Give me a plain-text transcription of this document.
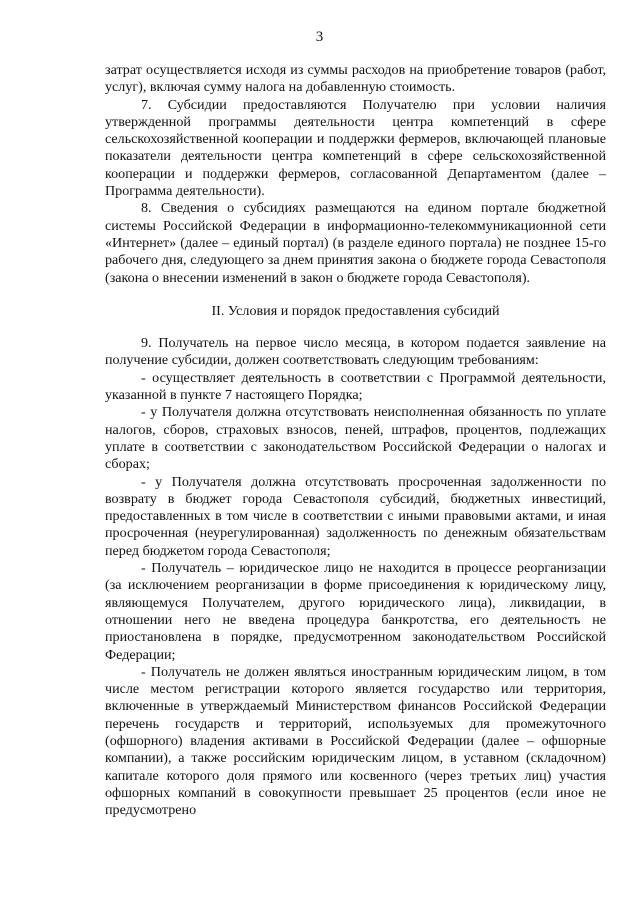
3

затрат осуществляется исходя из суммы расходов на приобретение товаров (работ, услуг), включая сумму налога на добавленную стоимость.

7. Субсидии предоставляются Получателю при условии наличия утвержденной программы деятельности центра компетенций в сфере сельскохозяйственной кооперации и поддержки фермеров, включающей плановые показатели деятельности центра компетенций в сфере сельскохозяйственной кооперации и поддержки фермеров, согласованной Департаментом (далее – Программа деятельности).

8. Сведения о субсидиях размещаются на едином портале бюджетной системы Российской Федерации в информационно-телекоммуникационной сети «Интернет» (далее – единый портал) (в разделе единого портала) не позднее 15-го рабочего дня, следующего за днем принятия закона о бюджете города Севастополя (закона о внесении изменений в закон о бюджете города Севастополя).

II. Условия и порядок предоставления субсидий

9. Получатель на первое число месяца, в котором подается заявление на получение субсидии, должен соответствовать следующим требованиям:

- осуществляет деятельность в соответствии с Программой деятельности, указанной в пункте 7 настоящего Порядка;

- у Получателя должна отсутствовать неисполненная обязанность по уплате налогов, сборов, страховых взносов, пеней, штрафов, процентов, подлежащих уплате в соответствии с законодательством Российской Федерации о налогах и сборах;

- у Получателя должна отсутствовать просроченная задолженности по возврату в бюджет города Севастополя субсидий, бюджетных инвестиций, предоставленных в том числе в соответствии с иными правовыми актами, и иная просроченная (неурегулированная) задолженность по денежным обязательствам перед бюджетом города Севастополя;

- Получатель – юридическое лицо не находится в процессе реорганизации (за исключением реорганизации в форме присоединения к юридическому лицу, являющемуся Получателем, другого юридического лица), ликвидации, в отношении него не введена процедура банкротства, его деятельность не приостановлена в порядке, предусмотренном законодательством Российской Федерации;

- Получатель не должен являться иностранным юридическим лицом, в том числе местом регистрации которого является государство или территория, включенные в утверждаемый Министерством финансов Российской Федерации перечень государств и территорий, используемых для промежуточного (офшорного) владения активами в Российской Федерации (далее – офшорные компании), а также российским юридическим лицом, в уставном (складочном) капитале которого доля прямого или косвенного (через третьих лиц) участия офшорных компаний в совокупности превышает 25 процентов (если иное не предусмотрено
